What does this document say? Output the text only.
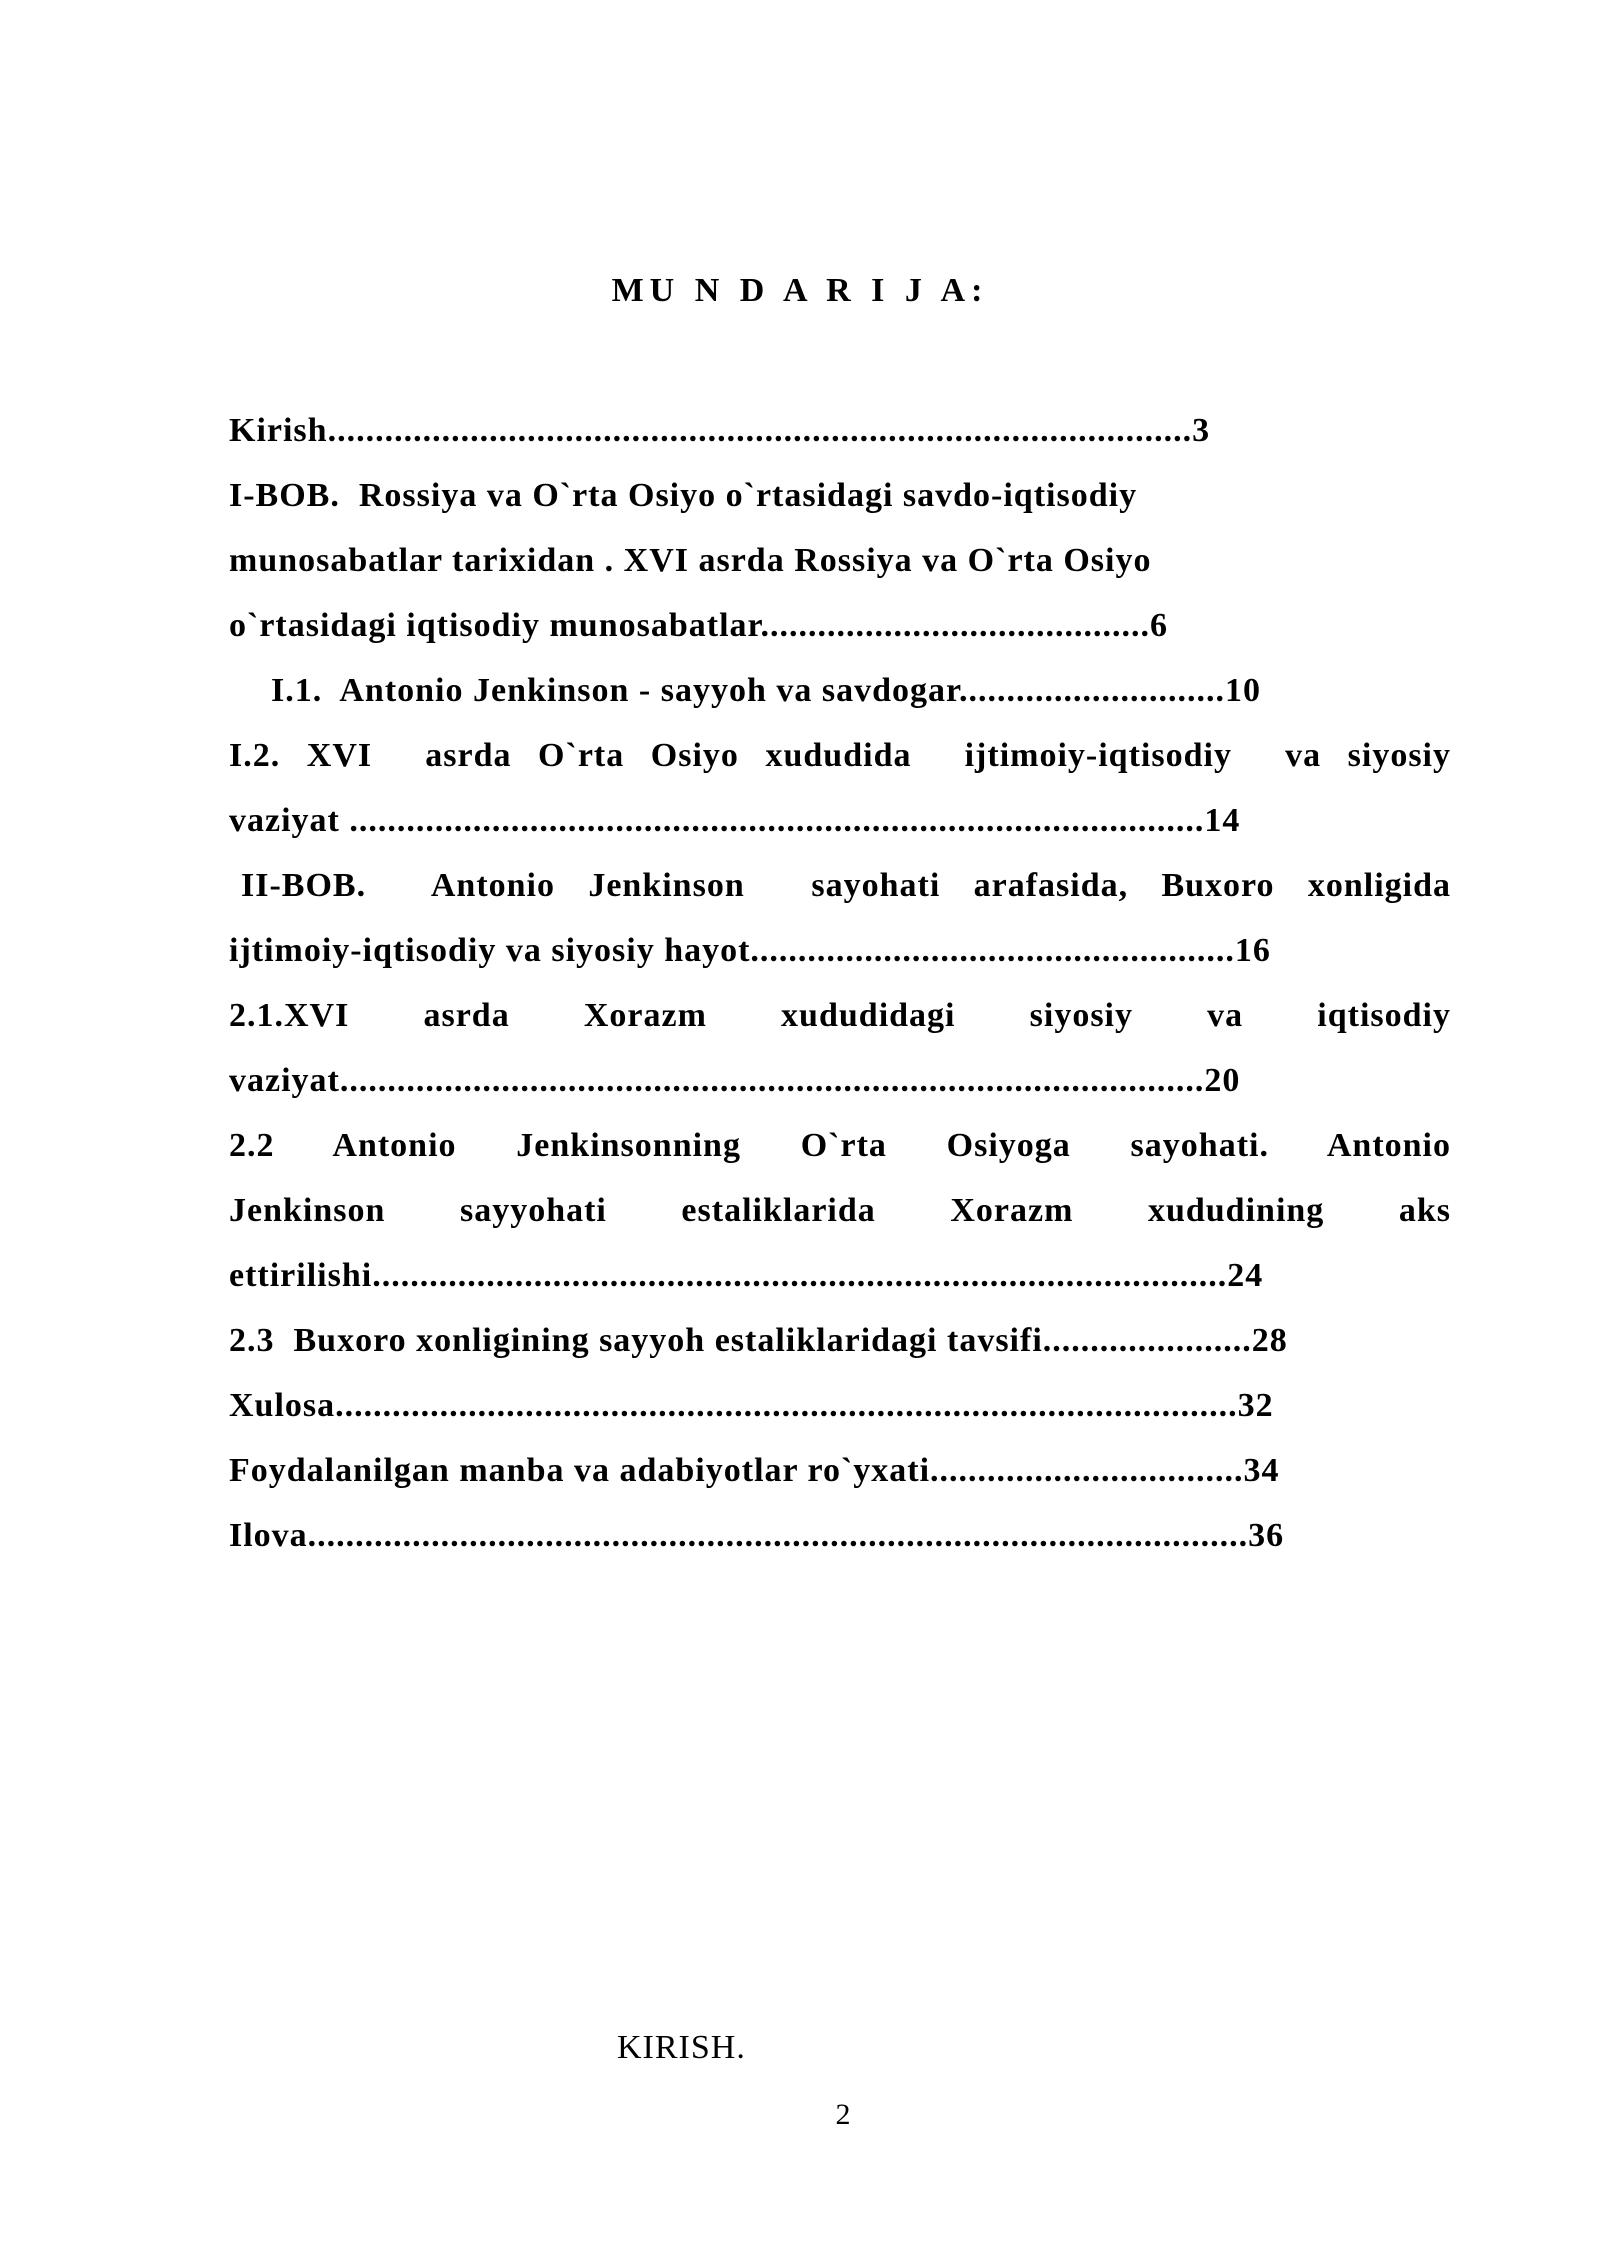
MU N D A R I J A:
Kirish...........................................................................................3
I-BOB.  Rossiya va O`rta Osiyo o`rtasidagi savdo-iqtisodiy
munosabatlar tarixidan . XVI asrda Rossiya va O`rta Osiyo
o`rtasidagi iqtisodiy munosabatlar.........................................6
I.1.  Antonio Jenkinson - sayyoh va savdogar............................10
I.2. XVI  asrda O`rta Osiyo xududida  ijtimoiy-iqtisodiy  va siyosiy
vaziyat ..........................................................................................14
II-BOB.  Antonio Jenkinson  sayohati arafasida, Buxoro xonligida
ijtimoiy-iqtisodiy va siyosiy hayot...................................................16
2.1.XVI  asrda  Xorazm  xududidagi  siyosiy  va  iqtisodiy
vaziyat...........................................................................................20
2.2  Antonio  Jenkinsonning  O`rta  Osiyoga  sayohati.  Antonio
Jenkinson  sayyohati  estaliklarida  Xorazm  xududining  aks
ettirilishi..........................................................................................24
2.3  Buxoro xonligining sayyoh estaliklaridagi tavsifi......................28
Xulosa...............................................................................................32
Foydalanilgan manba va adabiyotlar ro`yxati.................................34
Ilova...................................................................................................36
KIRISH.
2
